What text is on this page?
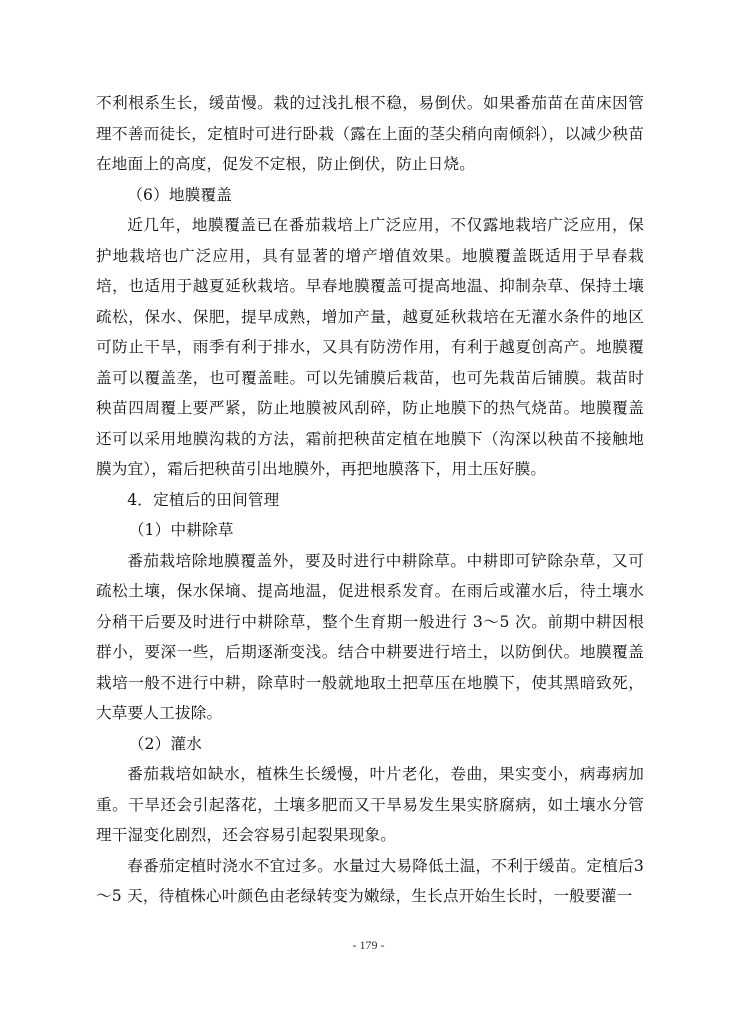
不利根系生长，缓苗慢。栽的过浅扎根不稳，易倒伏。如果番茄苗在苗床因管理不善而徒长，定植时可进行卧栽（露在上面的茎尖稍向南倾斜），以减少秧苗在地面上的高度，促发不定根，防止倒伏，防止日烧。

（6）地膜覆盖

近几年，地膜覆盖已在番茄栽培上广泛应用，不仅露地栽培广泛应用，保护地栽培也广泛应用，具有显著的增产增值效果。地膜覆盖既适用于早春栽培，也适用于越夏延秋栽培。早春地膜覆盖可提高地温、抑制杂草、保持土壤疏松，保水、保肥，提早成熟，增加产量，越夏延秋栽培在无灌水条件的地区可防止干旱，雨季有利于排水，又具有防涝作用，有利于越夏创高产。地膜覆盖可以覆盖垄，也可覆盖畦。可以先铺膜后栽苗，也可先栽苗后铺膜。栽苗时秧苗四周覆上要严紧，防止地膜被风刮碎，防止地膜下的热气烧苗。地膜覆盖还可以采用地膜沟栽的方法，霜前把秧苗定植在地膜下（沟深以秧苗不接触地膜为宜），霜后把秧苗引出地膜外，再把地膜落下，用土压好膜。

4．定植后的田间管理

（1）中耕除草

番茄栽培除地膜覆盖外，要及时进行中耕除草。中耕即可铲除杂草，又可疏松土壤，保水保墒、提高地温，促进根系发育。在雨后或灌水后，待土壤水分稍干后要及时进行中耕除草，整个生育期一般进行 3～5 次。前期中耕因根群小，要深一些，后期逐渐变浅。结合中耕要进行培土，以防倒伏。地膜覆盖栽培一般不进行中耕，除草时一般就地取土把草压在地膜下，使其黑暗致死，大草要人工拔除。

（2）灌水

番茄栽培如缺水，植株生长缓慢，叶片老化，卷曲，果实变小，病毒病加重。干旱还会引起落花，土壤多肥而又干旱易发生果实脐腐病，如土壤水分管理干湿变化剧烈，还会容易引起裂果现象。

春番茄定植时浇水不宜过多。水量过大易降低土温，不利于缓苗。定植后3～5 天，待植株心叶颜色由老绿转变为嫩绿，生长点开始生长时，一般要灌一

- 179 -
